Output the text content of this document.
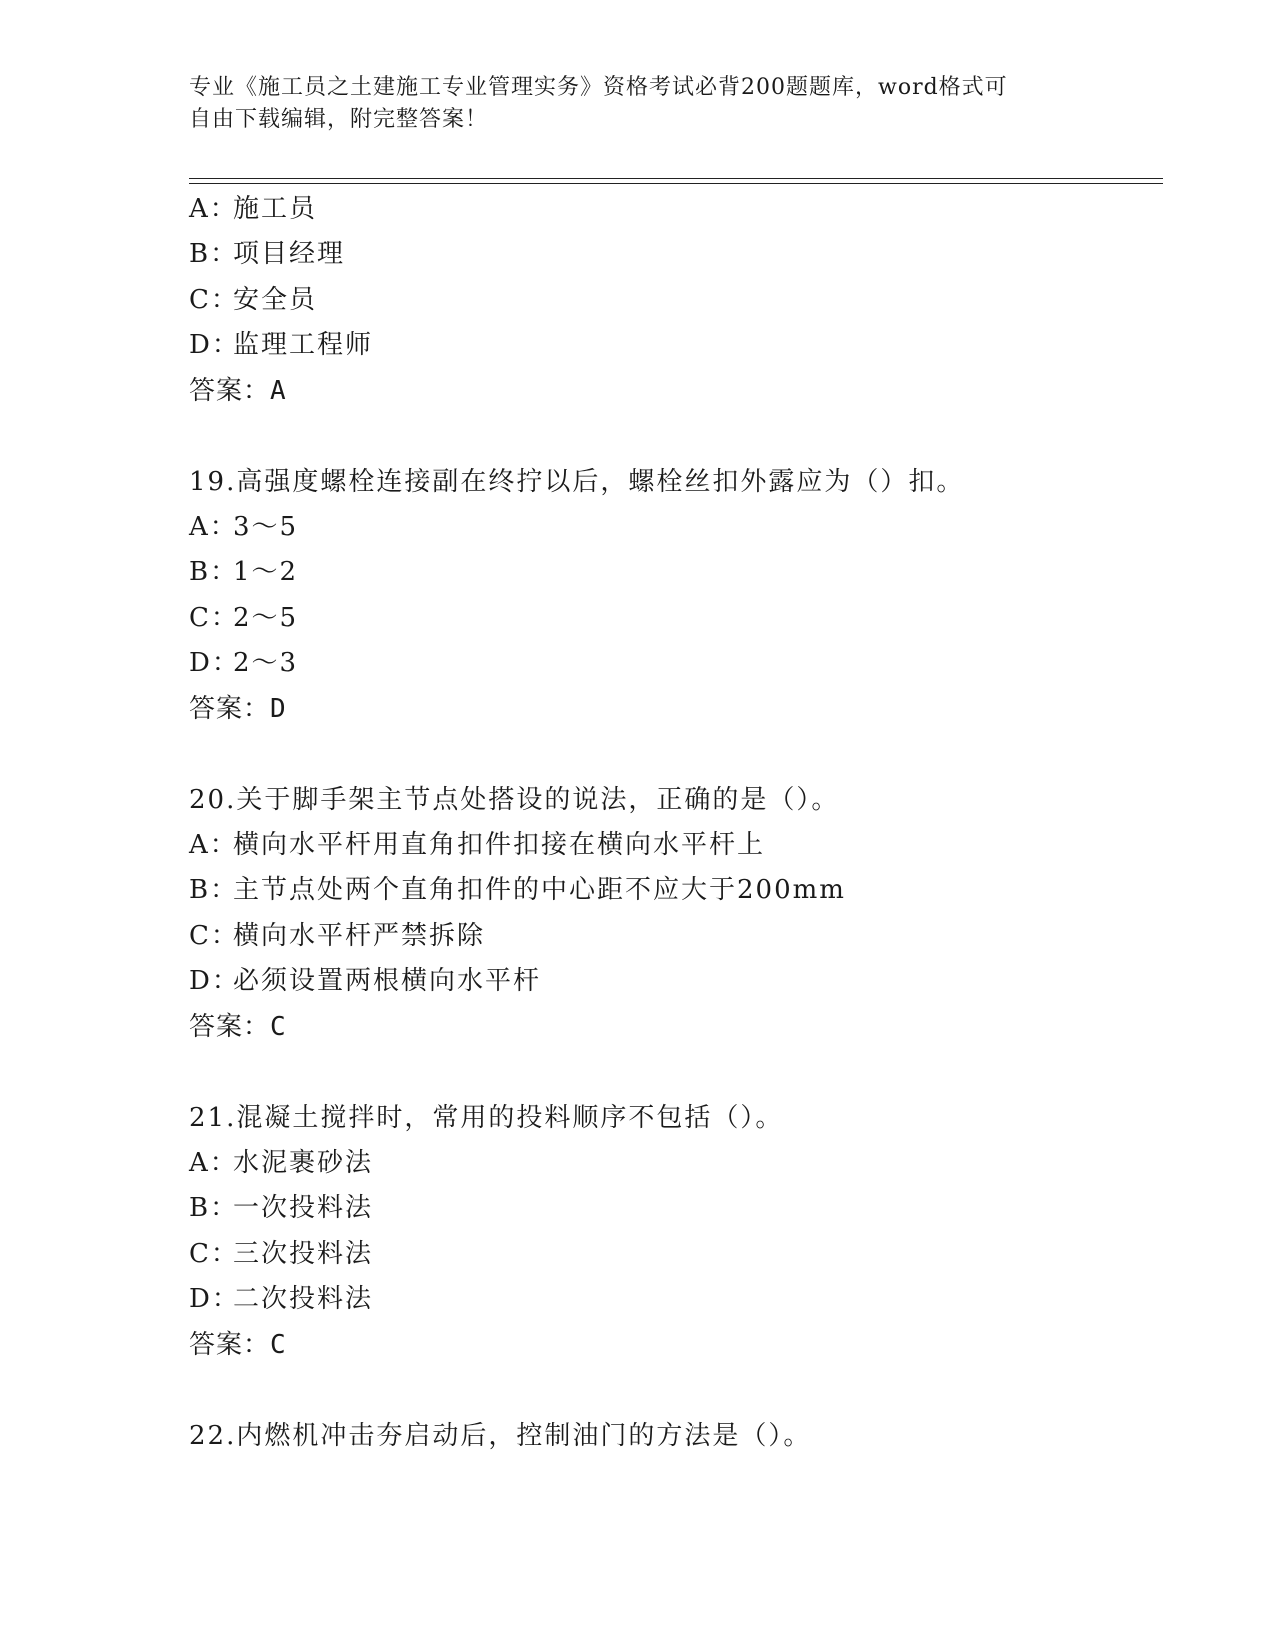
专业《施工员之土建施工专业管理实务》资格考试必背200题题库，word格式可
自由下载编辑，附完整答案！
A：施工员
B：项目经理
C：安全员
D：监理工程师
答案：A
19.高强度螺栓连接副在终拧以后，螺栓丝扣外露应为（）扣。
A：3～5
B：1～2
C：2～5
D：2～3
答案：D
20.关于脚手架主节点处搭设的说法，正确的是（）。
A：横向水平杆用直角扣件扣接在横向水平杆上
B：主节点处两个直角扣件的中心距不应大于200mm
C：横向水平杆严禁拆除
D：必须设置两根横向水平杆
答案：C
21.混凝土搅拌时，常用的投料顺序不包括（）。
A：水泥裹砂法
B：一次投料法
C：三次投料法
D：二次投料法
答案：C
22.内燃机冲击夯启动后，控制油门的方法是（）。
